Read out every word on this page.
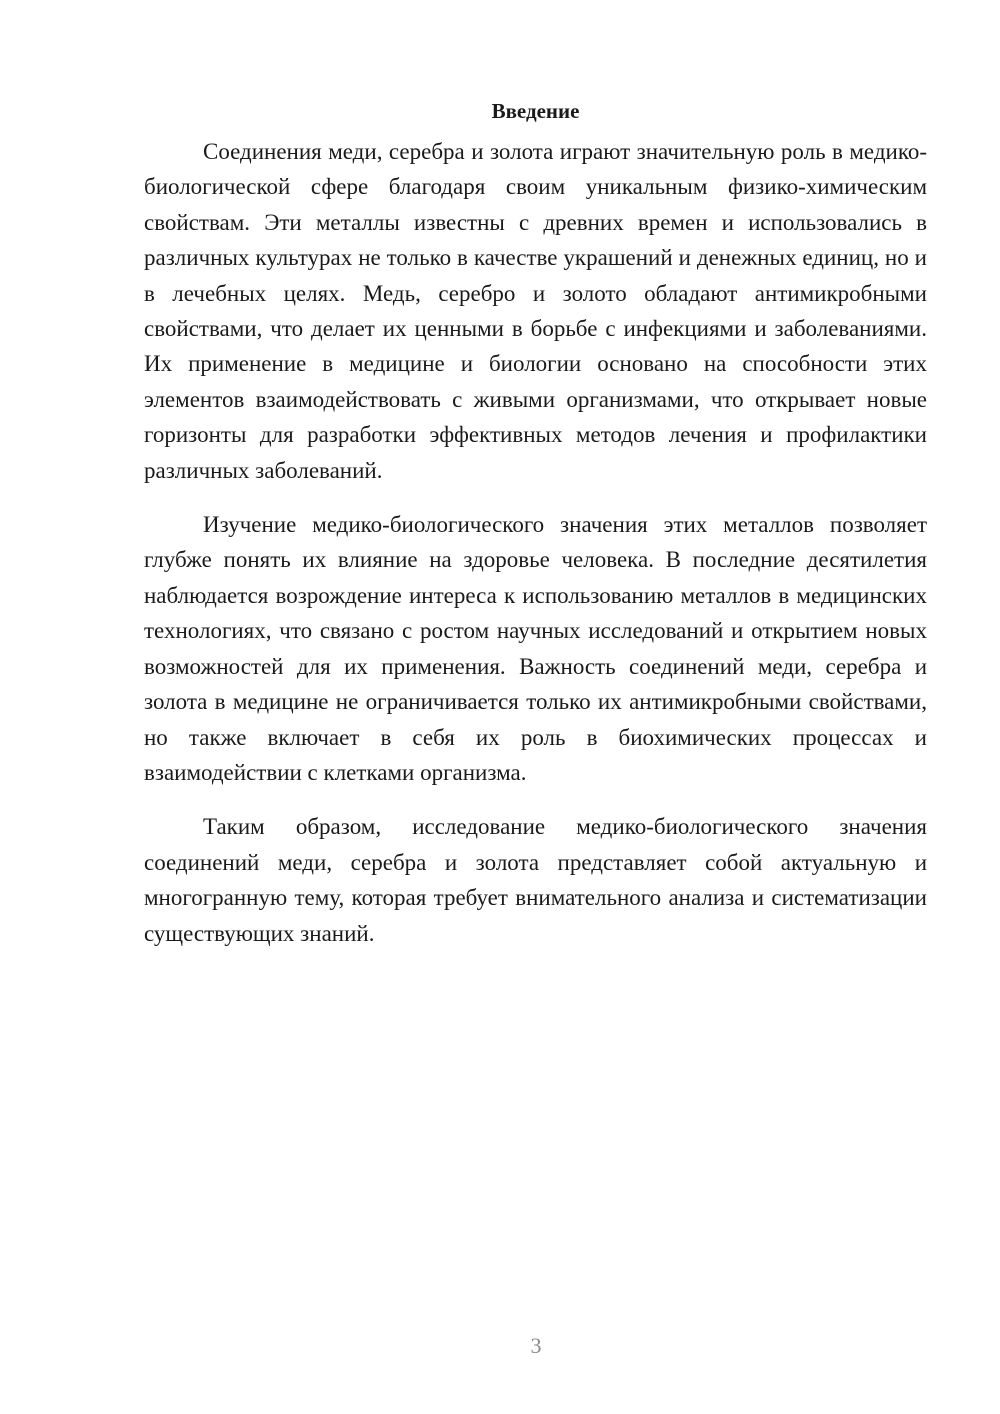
Введение

Соединения меди, серебра и золота играют значительную роль в медико-биологической сфере благодаря своим уникальным физико-химическим свойствам. Эти металлы известны с древних времен и использовались в различных культурах не только в качестве украшений и денежных единиц, но и в лечебных целях. Медь, серебро и золото обладают антимикробными свойствами, что делает их ценными в борьбе с инфекциями и заболеваниями. Их применение в медицине и биологии основано на способности этих элементов взаимодействовать с живыми организмами, что открывает новые горизонты для разработки эффективных методов лечения и профилактики различных заболеваний.

Изучение медико-биологического значения этих металлов позволяет глубже понять их влияние на здоровье человека. В последние десятилетия наблюдается возрождение интереса к использованию металлов в медицинских технологиях, что связано с ростом научных исследований и открытием новых возможностей для их применения. Важность соединений меди, серебра и золота в медицине не ограничивается только их антимикробными свойствами, но также включает в себя их роль в биохимических процессах и взаимодействии с клетками организма.

Таким образом, исследование медико-биологического значения соединений меди, серебра и золота представляет собой актуальную и многогранную тему, которая требует внимательного анализа и систематизации существующих знаний.

3
